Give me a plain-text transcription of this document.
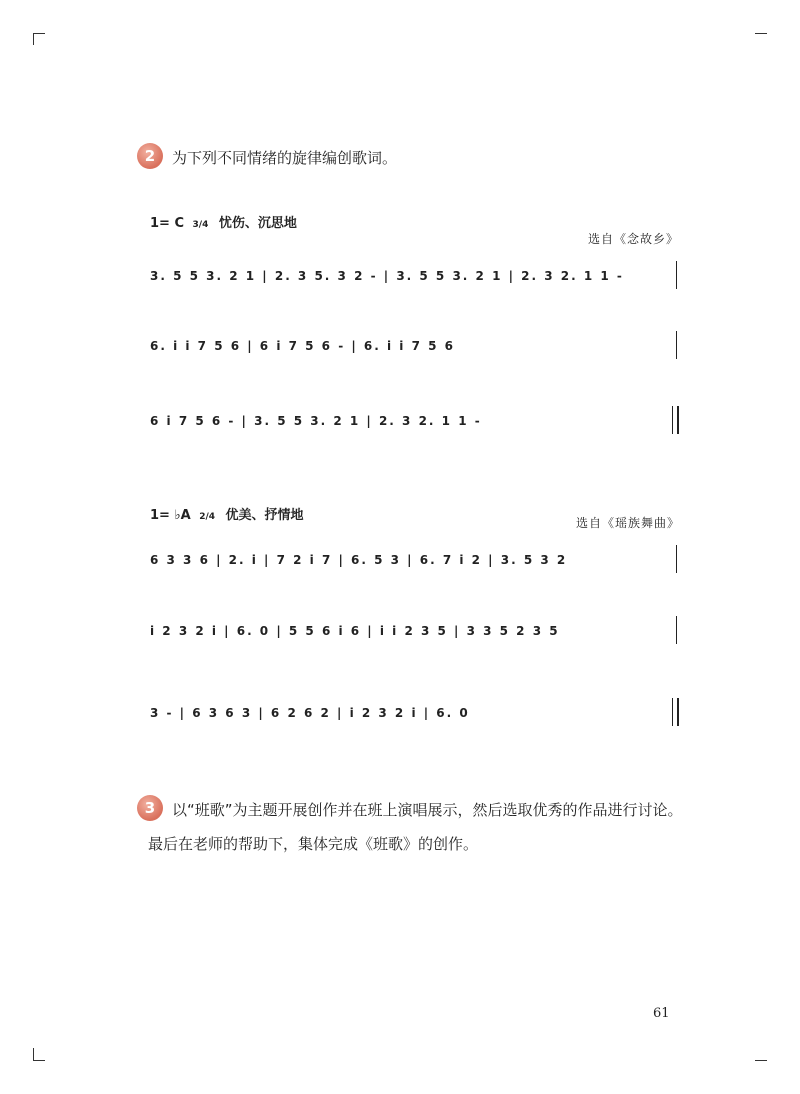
2	为下列不同情绪的旋律编创歌词。
1= C 3/4 忧伤、沉思地
选自《念故乡》
3. 5 5 3. 2 1 | 2. 3 5. 3 2 - | 3. 5 5 3. 2 1 | 2. 3 2. 1 1 -
6. i i 7 5 6 | 6 i 7 5 6 - | 6. i i 7 5 6
6 i 7 5 6 - | 3. 5 5 3. 2 1 | 2. 3 2. 1 1 -
1= ♭A 2/4 优美、抒情地	选自《瑶族舞曲》
6 3 3 6 | 2. i | 7 2 i 7 | 6. 5 3 | 6. 7 i 2 | 3. 5 3 2
i 2 3 2 i | 6. 0 | 5 5 6 i 6 | i i 2 3 5 | 3 3 5 2 3 5
3 - | 6 3 6 3 | 6 2 6 2 | i 2 3 2 i | 6. 0
3	以“班歌”为主题开展创作并在班上演唱展示，然后选取优秀的作品进行讨论。
最后在老师的帮助下，集体完成《班歌》的创作。
61
